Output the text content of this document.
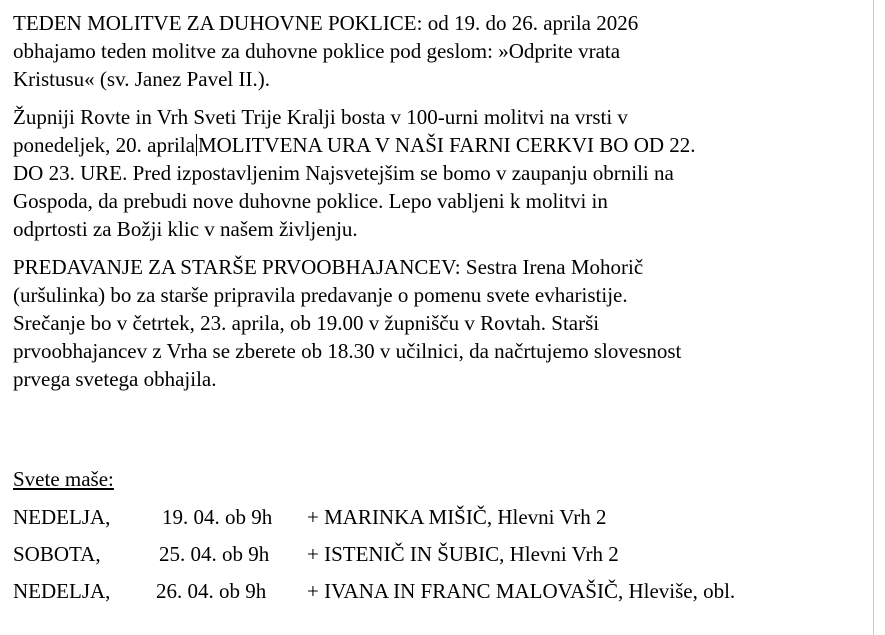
TEDEN MOLITVE ZA DUHOVNE POKLICE: od 19. do 26. aprila 2026
obhajamo teden molitve za duhovne poklice pod geslom: »Odprite vrata
Kristusu« (sv. Janez Pavel II.).

Župniji Rovte in Vrh Sveti Trije Kralji bosta v 100-urni molitvi na vrsti v
ponedeljek, 20. aprila MOLITVENA URA V NAŠI FARNI CERKVI BO OD 22.
DO 23. URE. Pred izpostavljenim Najsvetejšim se bomo v zaupanju obrnili na
Gospoda, da prebudi nove duhovne poklice. Lepo vabljeni k molitvi in
odprtosti za Božji klic v našem življenju.

PREDAVANJE ZA STARŠE PRVOOBHAJANCEV: Sestra Irena Mohorič
(uršulinka) bo za starše pripravila predavanje o pomenu svete evharistije.
Srečanje bo v četrtek, 23. aprila, ob 19.00 v župnišču v Rovtah. Starši
prvoobhajancev z Vrha se zberete ob 18.30 v učilnici, da načrtujemo slovesnost
prvega svetega obhajila.

Svete maše:
NEDELJA, 19. 04. ob 9h + MARINKA MIŠIČ, Hlevni Vrh 2
SOBOTA,	25. 04. ob 9h + ISTENIČ IN ŠUBIC, Hlevni Vrh 2
NEDELJA, 26. 04. ob 9h + IVANA IN FRANC MALOVAŠIČ, Hleviše, obl.
